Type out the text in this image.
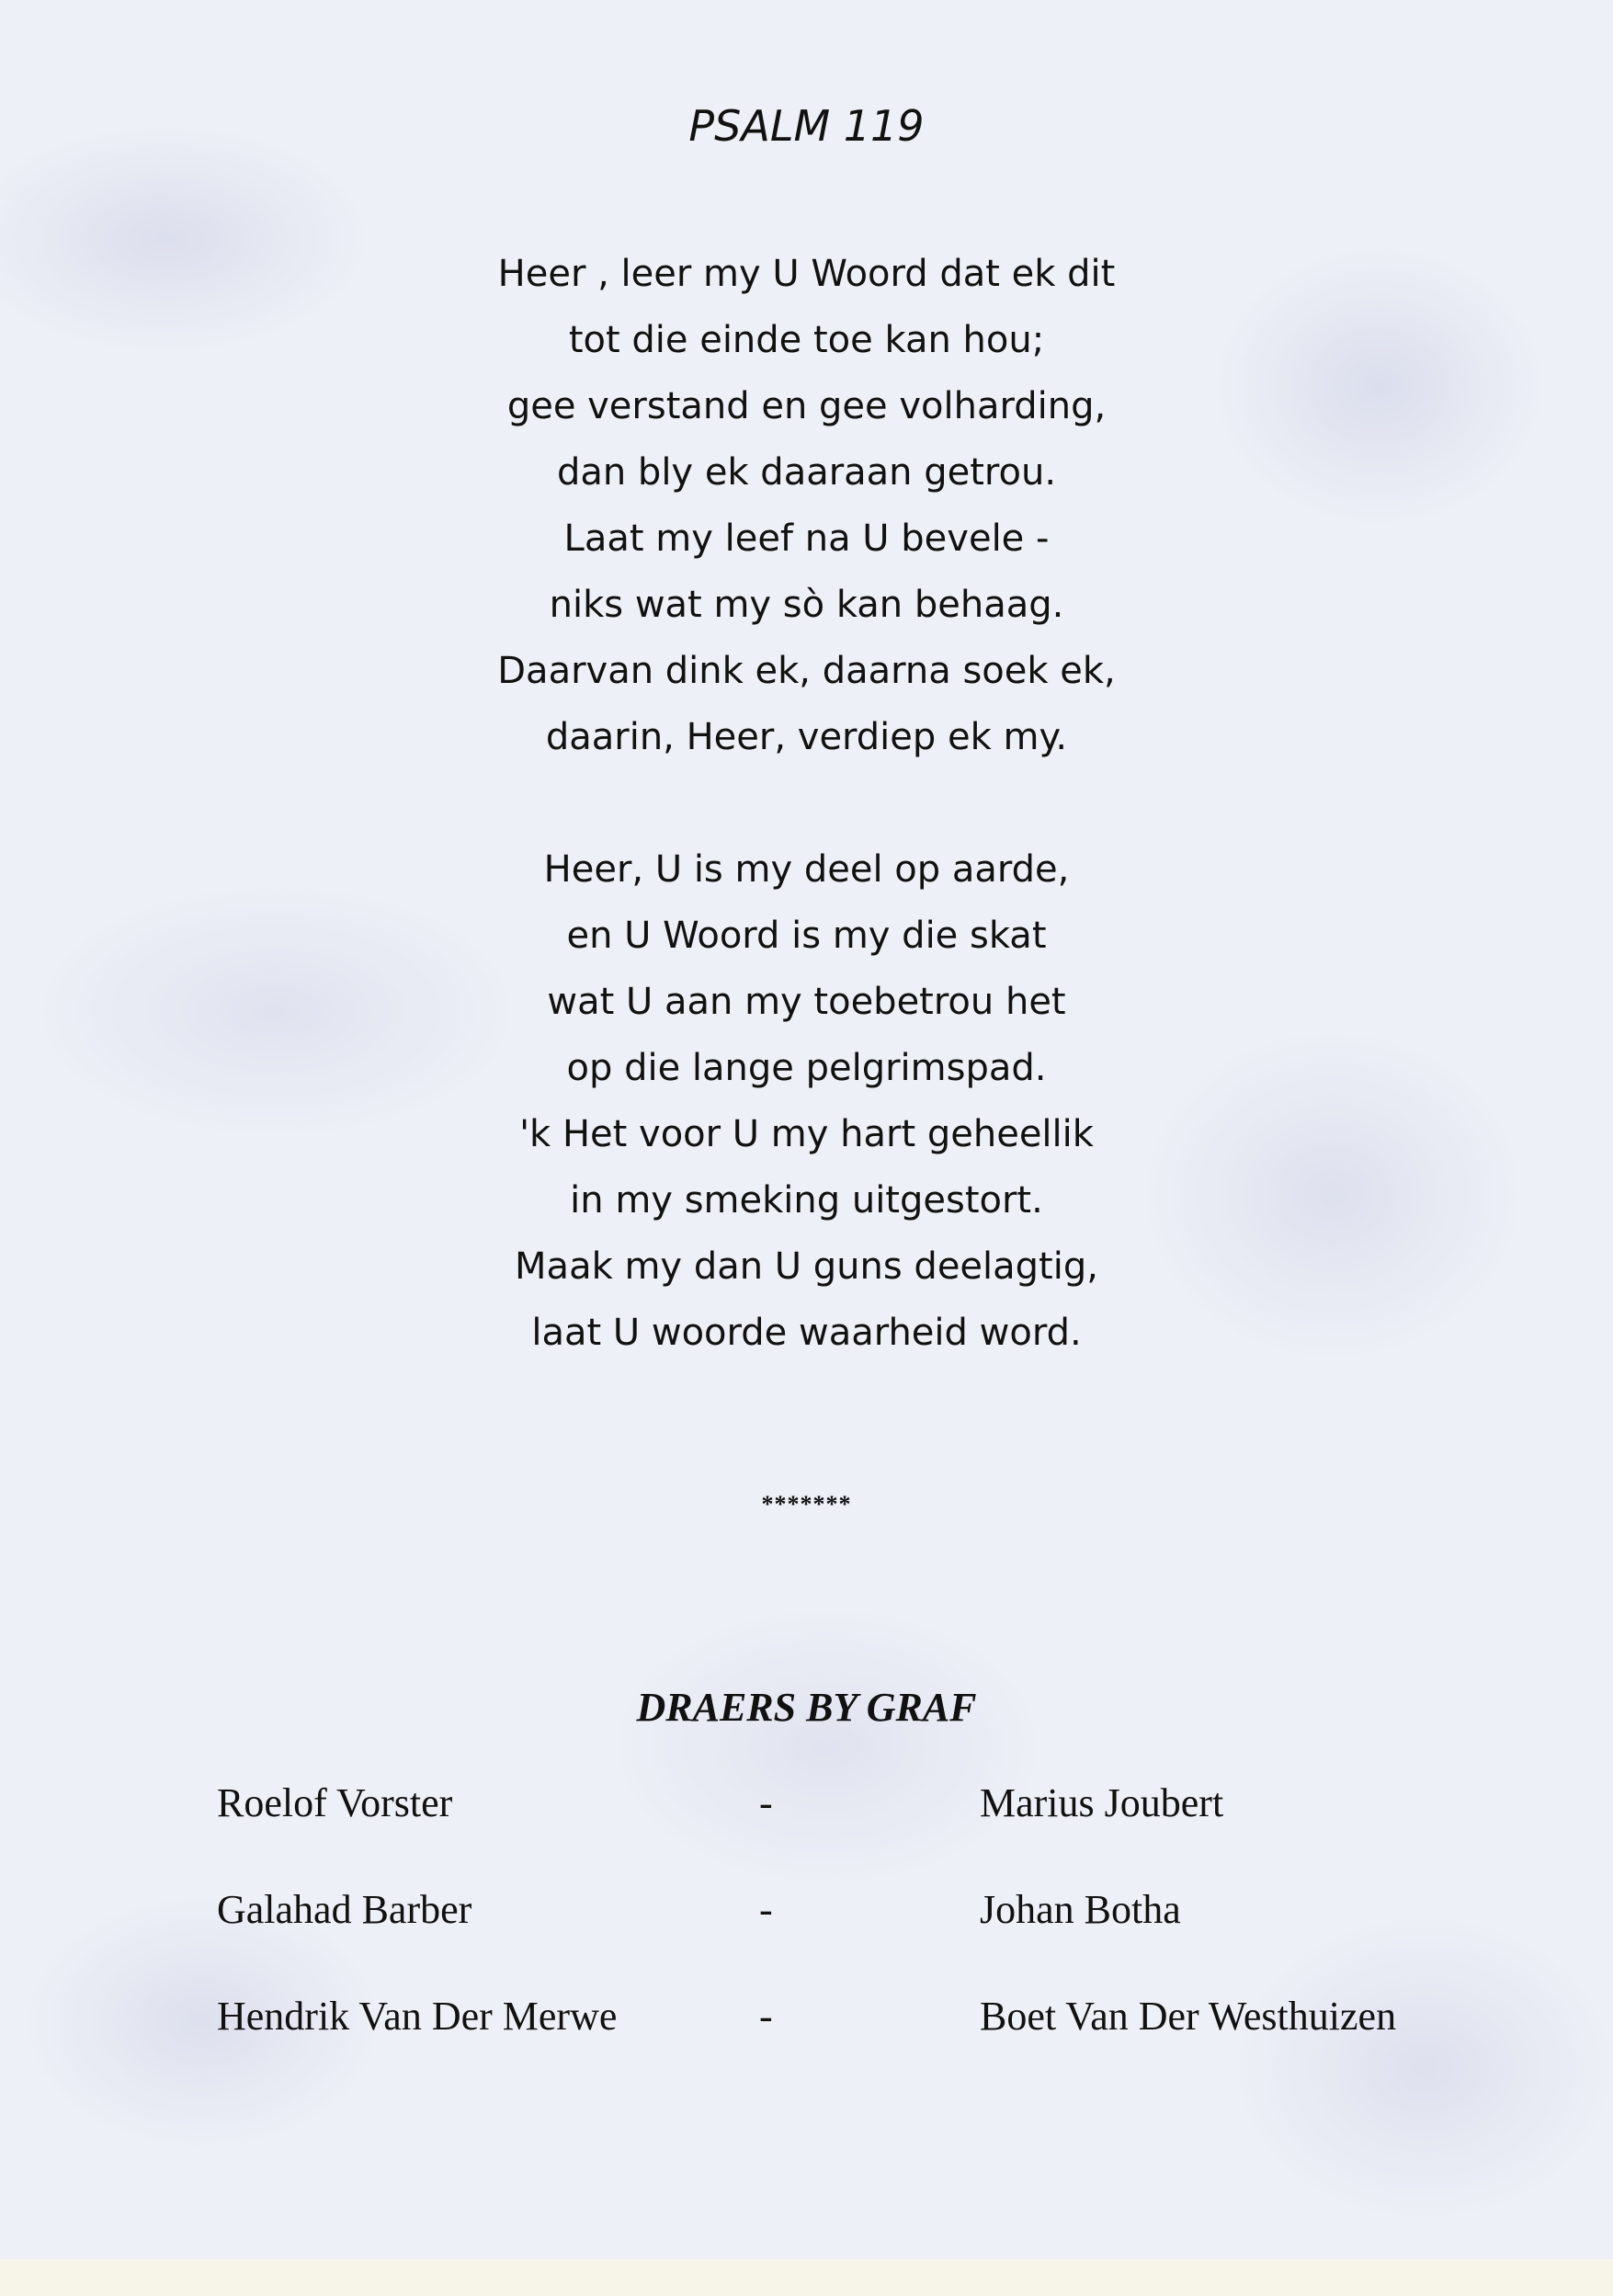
PSALM 119
Heer , leer my U Woord dat ek dit
tot die einde toe kan hou;
gee verstand en gee volharding,
dan bly ek daaraan getrou.
Laat my leef na U bevele -
niks wat my sò kan behaag.
Daarvan dink ek, daarna soek ek,
daarin, Heer, verdiep ek my.
Heer, U is my deel op aarde,
en U Woord is my die skat
wat U aan my toebetrou het
op die lange pelgrimspad.
'k Het voor U my hart geheellik
in my smeking uitgestort.
Maak my dan U guns deelagtig,
laat U woorde waarheid word.
*******
DRAERS BY GRAF
Roelof Vorster	-	Marius Joubert
Galahad Barber	-	Johan Botha
Hendrik Van Der Merwe	-	Boet Van Der Westhuizen
